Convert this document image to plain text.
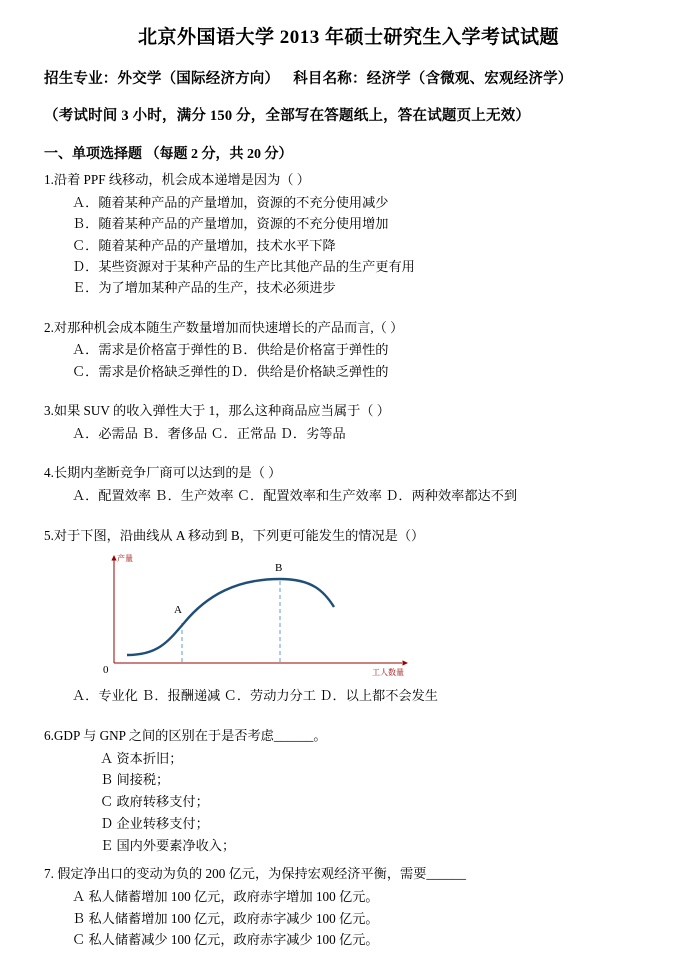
北京外国语大学 2013 年硕士研究生入学考试试题
招生专业：外交学（国际经济方向） 科目名称：经济学（含微观、宏观经济学）
（考试时间 3 小时，满分 150 分，全部写在答题纸上，答在试题页上无效）
一、单项选择题 （每题 2 分，共 20 分）
1.沿着 PPF 线移动，机会成本递增是因为（ ）
Ａ．随着某种产品的产量增加，资源的不充分使用减少
Ｂ．随着某种产品的产量增加，资源的不充分使用增加
Ｃ．随着某种产品的产量增加，技术水平下降
Ｄ．某些资源对于某种产品的生产比其他产品的生产更有用
Ｅ．为了增加某种产品的生产，技术必须进步
2.对那种机会成本随生产数量增加而快速增长的产品而言,（ ）
Ａ．需求是价格富于弹性的Ｂ．供给是价格富于弹性的
Ｃ．需求是价格缺乏弹性的Ｄ．供给是价格缺乏弹性的
3.如果 SUV 的收入弹性大于 1，那么这种商品应当属于（ ）
Ａ．必需品 Ｂ．奢侈品 Ｃ．正常品 Ｄ．劣等品
4.长期内垄断竞争厂商可以达到的是（ ）
Ａ．配置效率 Ｂ．生产效率 Ｃ．配置效率和生产效率 Ｄ．两种效率都达不到
5.对于下图，沿曲线从 A 移动到 B，下列更可能发生的情况是（）
产量
工人数量
0
A
B
Ａ．专业化 Ｂ．报酬递减 Ｃ．劳动力分工 Ｄ．以上都不会发生
6.GDP 与 GNP 之间的区别在于是否考虑______。
Ａ 资本折旧；
Ｂ 间接税；
Ｃ 政府转移支付；
Ｄ 企业转移支付；
Ｅ 国内外要素净收入；
7. 假定净出口的变动为负的 200 亿元，为保持宏观经济平衡，需要______
Ａ 私人储蓄增加 100 亿元，政府赤字增加 100 亿元。
Ｂ 私人储蓄增加 100 亿元，政府赤字减少 100 亿元。
Ｃ 私人储蓄减少 100 亿元，政府赤字减少 100 亿元。
